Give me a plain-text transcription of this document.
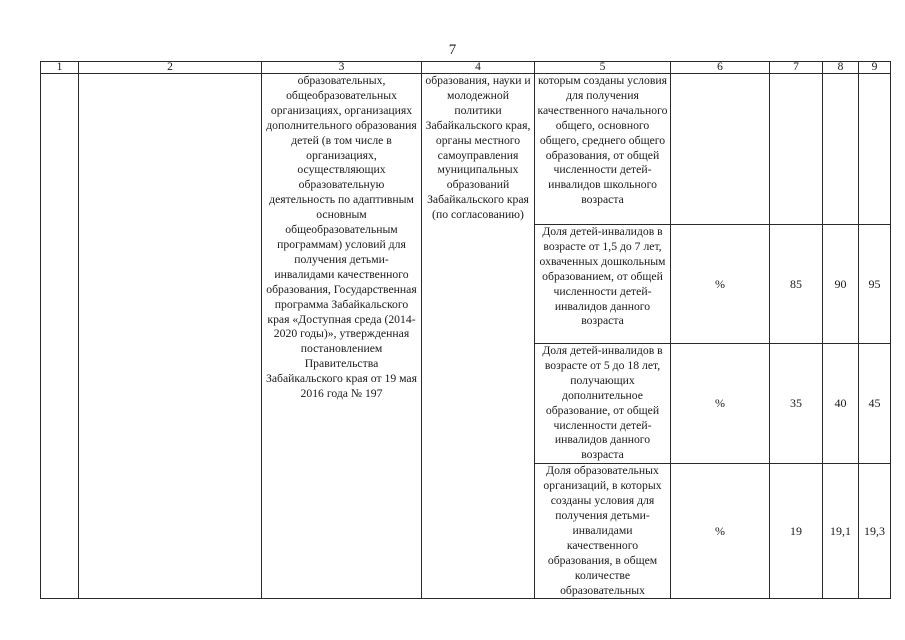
7
1	2	3	4	5	6	7	8	9
		образовательных, общеобразовательных организациях, организациях дополнительного образования детей (в том числе в организациях, осуществляющих образовательную деятельность по адаптивным основным общеобразовательным программам) условий для получения детьми-инвалидами качественного образования, Государственная программа Забайкальского края «Доступная среда (2014-2020 годы)», утвержденная постановлением Правительства Забайкальского края от 19 мая 2016 года № 197	образования, науки и молодежной политики Забайкальского края, органы местного самоуправления муниципальных образований Забайкальского края (по согласованию)	которым созданы условия для получения качественного начального общего, основного общего, среднего общего образования, от общей численности детей-инвалидов школьного возраста				
				Доля детей-инвалидов в возрасте от 1,5 до 7 лет, охваченных дошкольным образованием, от общей численности детей-инвалидов данного возраста	%	85	90	95
				Доля детей-инвалидов в возрасте от 5 до 18 лет, получающих дополнительное образование, от общей численности детей-инвалидов данного возраста	%	35	40	45
				Доля образовательных организаций, в которых созданы условия для получения детьми-инвалидами качественного образования, в общем количестве образовательных	%	19	19,1	19,3
